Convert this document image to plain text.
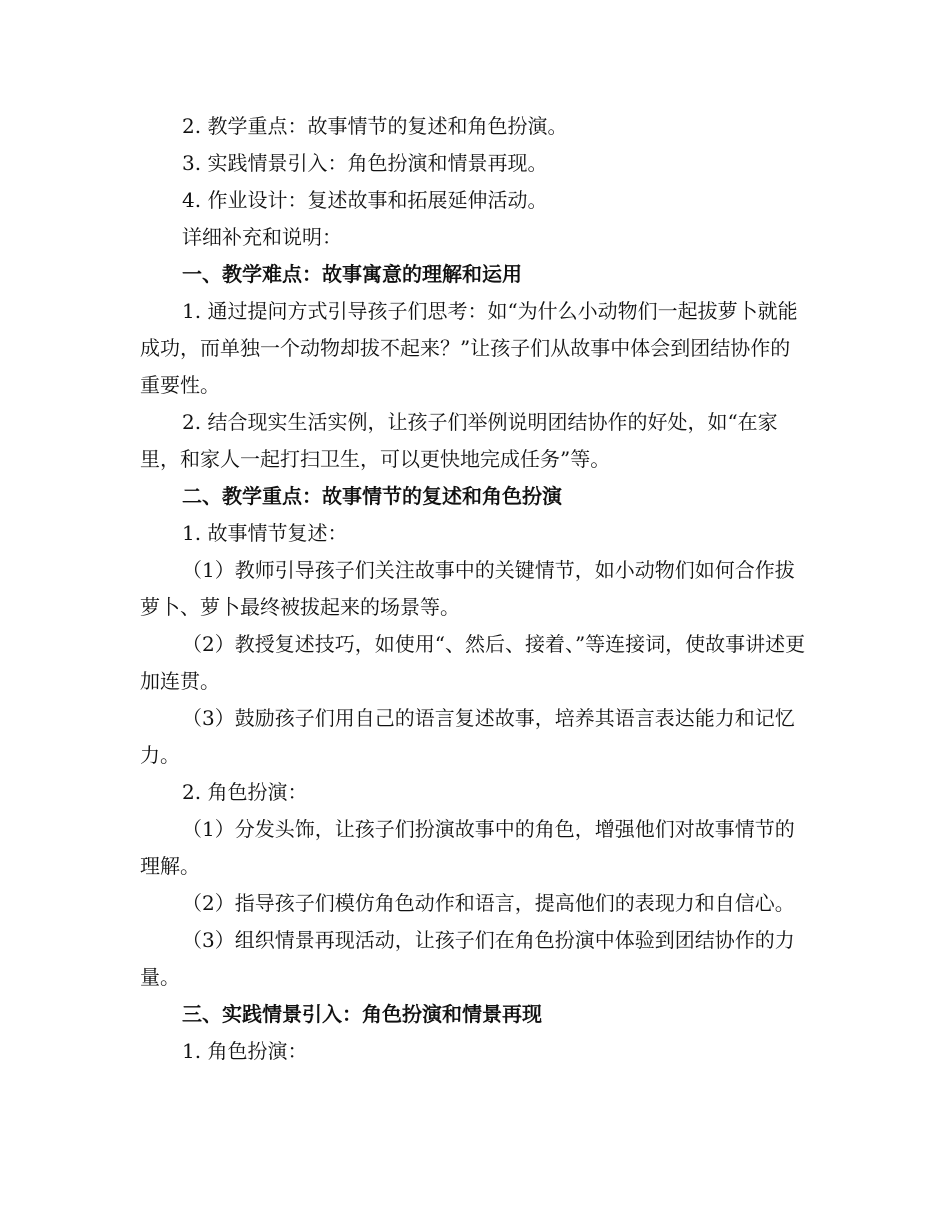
2. 教学重点：故事情节的复述和角色扮演。

3. 实践情景引入：角色扮演和情景再现。

4. 作业设计：复述故事和拓展延伸活动。

详细补充和说明：

一、教学难点：故事寓意的理解和运用

1. 通过提问方式引导孩子们思考：如“为什么小动物们一起拔萝卜就能成功，而单独一个动物却拔不起来？”让孩子们从故事中体会到团结协作的重要性。

2. 结合现实生活实例，让孩子们举例说明团结协作的好处，如“在家里，和家人一起打扫卫生，可以更快地完成任务”等。

二、教学重点：故事情节的复述和角色扮演

1. 故事情节复述：

（1）教师引导孩子们关注故事中的关键情节，如小动物们如何合作拔萝卜、萝卜最终被拔起来的场景等。

（2）教授复述技巧，如使用“、然后、接着、”等连接词，使故事讲述更加连贯。

（3）鼓励孩子们用自己的语言复述故事，培养其语言表达能力和记忆力。

2. 角色扮演：

（1）分发头饰，让孩子们扮演故事中的角色，增强他们对故事情节的理解。

（2）指导孩子们模仿角色动作和语言，提高他们的表现力和自信心。

（3）组织情景再现活动，让孩子们在角色扮演中体验到团结协作的力量。

三、实践情景引入：角色扮演和情景再现

1. 角色扮演：
